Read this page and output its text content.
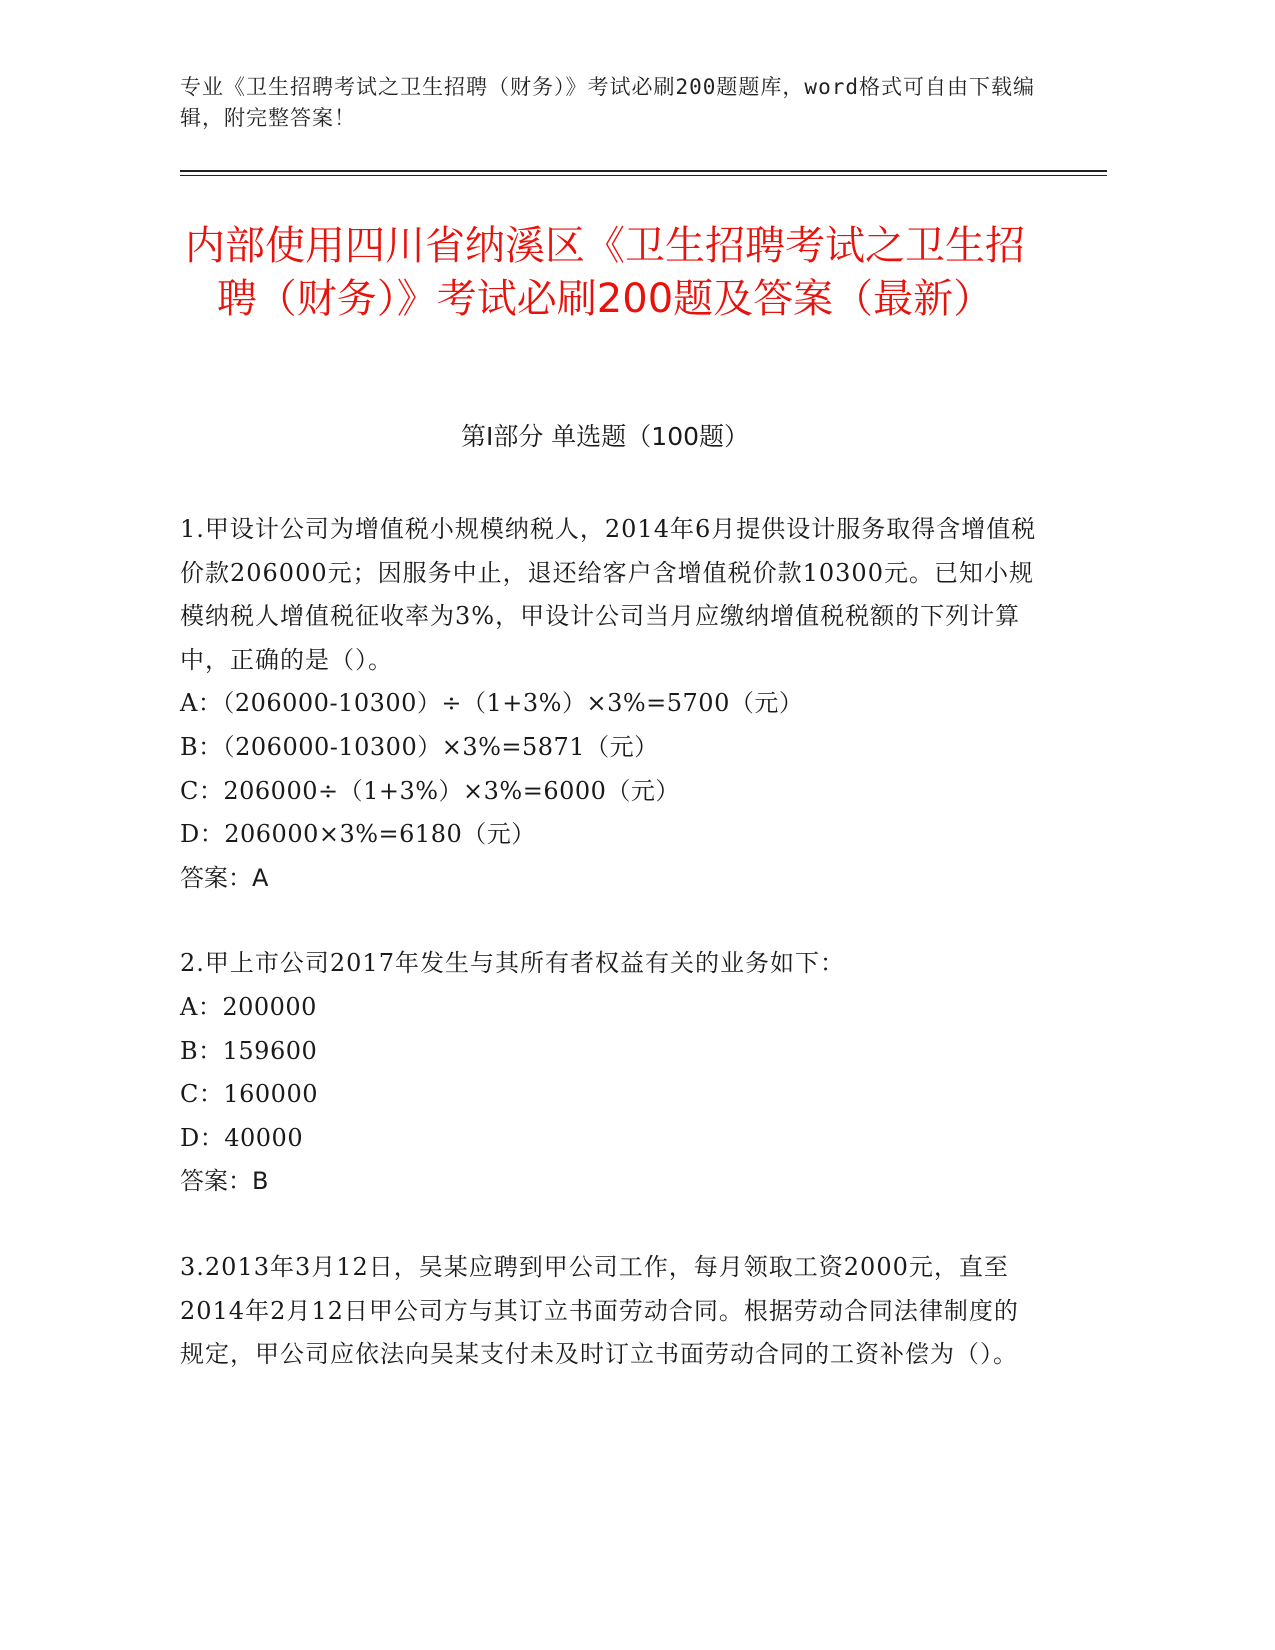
专业《卫生招聘考试之卫生招聘（财务）》考试必刷200题题库，word格式可自由下载编辑，附完整答案！
内部使用四川省纳溪区《卫生招聘考试之卫生招聘（财务）》考试必刷200题及答案（最新）
第Ⅰ部分 单选题（100题）

1.甲设计公司为增值税小规模纳税人，2014年6月提供设计服务取得含增值税价款206000元；因服务中止，退还给客户含增值税价款10300元。已知小规模纳税人增值税征收率为3%，甲设计公司当月应缴纳增值税税额的下列计算中，正确的是（）。

A：（206000-10300）÷（1+3%）×3%=5700（元）

B：（206000-10300）×3%=5871（元）

C：206000÷（1+3%）×3%=6000（元）

D：206000×3%=6180（元）

答案：A

2.甲上市公司2017年发生与其所有者权益有关的业务如下：

A：200000

B：159600

C：160000

D：40000

答案：B

3.2013年3月12日，吴某应聘到甲公司工作，每月领取工资2000元，直至2014年2月12日甲公司方与其订立书面劳动合同。根据劳动合同法律制度的规定，甲公司应依法向吴某支付未及时订立书面劳动合同的工资补偿为（）。
